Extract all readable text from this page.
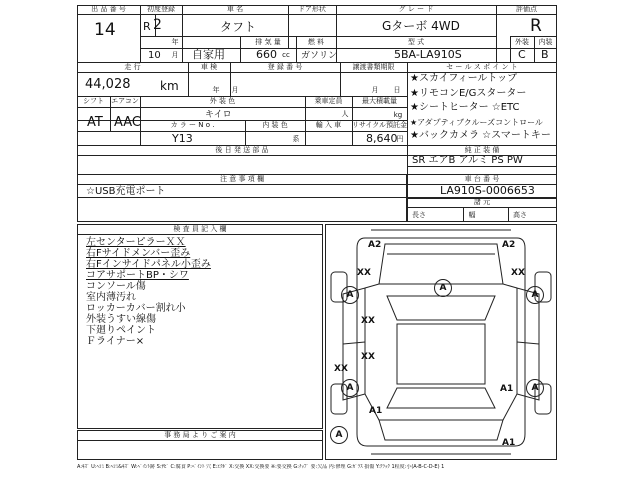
出 品 番 号
14
初度登録
R 2
年
10 月
車 名
タフト
ドア形状	グ レ ー ド
Gターボ 4WD
評価点
R
自家用
排 気 量
660 cc
燃 料
ガソリン
型 式
5BA-LA910S
外装	内装
C B
走 行
44,028 km
車 検
年	月
登 録 番 号	譲渡書類期限
月 日
セ ー ル ス ポ イ ン ト
シフト	エアコン
AT AAC
外 装 色
キイロ
乗車定員
人
最大積載量
kg
カ ラ ー N o .
Y13
内 装 色
系
輸 入 車	リサイクル預託金
8,640 円
★スカイフィールトップ
★リモコンE/Gスターター
★シートヒーター ☆ETC
★アダプティブクルーズコントロール
★バックカメラ ☆スマートキー
後 日 発 送 部 品	純 正 装 備
SR エアB アルミ PS PW
注 意 事 項 欄
☆USB充電ポート
車 台 番 号
LA910S-0006653
諸 元
長さ	幅	高さ
検 査 員 記 入 欄
左センターピラーＸＸ
右Fサイドメンバー歪み
右Fインサイドパネル小歪み
コアサポートBP・シワ
コンソール傷
室内薄汚れ
ロッカーカバー割れ小
外装うすい線傷
下廻りペイント
Ｆライナー×
事 務 局 よ り ご 案 内
A2	A2
XX	XX
A	A
A
XX
XX
XX
A	A1	A
A1
A
A1
A:ｷｽﾞ U:ﾍｺﾐ B:ﾍｺﾐ&ｷｽﾞ W:ﾍﾟｲﾝﾄ跡 S:ｻﾋﾞ C:腐食 P:ﾍﾟｲﾝﾄ 穴 E:ｴｸﾎﾞ X:交換 XX:交換要 ※:要交換 G:ﾁｯﾌﾟ 要:欠品 内:修理 G:ｶﾞﾗｽ 損傷 Y:ｸﾗｯｸ 1程度:小(A-B-C-D-E) 1
